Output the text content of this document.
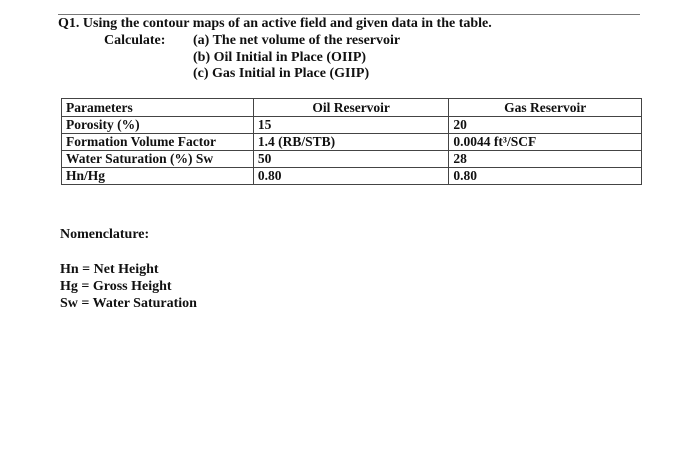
Q1. Using the contour maps of an active field and given data in the table.
Calculate: (a) The net volume of the reservoir
(b) Oil Initial in Place (OIIP)
(c) Gas Initial in Place (GIIP)
Parameters	Oil Reservoir	Gas Reservoir
Porosity (%)	15	20
Formation Volume Factor	1.4 (RB/STB)	0.0044 ft³/SCF
Water Saturation (%) Sw	50	28
Hn/Hg	0.80	0.80
Nomenclature:
Hn = Net Height
Hg = Gross Height
Sw = Water Saturation
